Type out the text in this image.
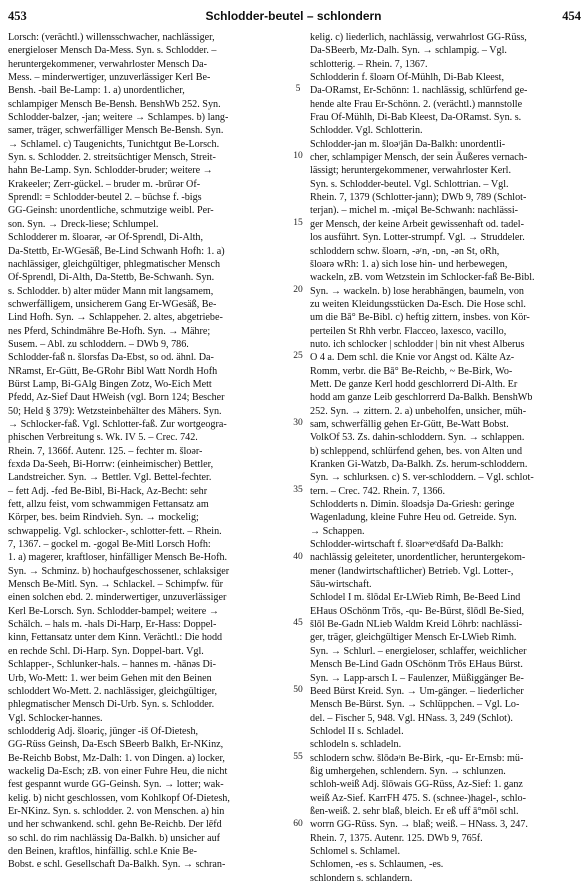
453	Schlodder-beutel – schlondern	454
Lorsch: (verächtl.) willensschwacher, nachlässiger,
energieloser Mensch Da-Mess. Syn. s. Schlodder. –
heruntergekommener, verwahrloster Mensch Da-
Mess. – minderwertiger, unzuverlässiger Kerl Be-
Bensh. -bail Be-Lamp: 1. a) unordentlicher,
schlampiger Mensch Be-Bensh. BenshWb 252. Syn.
Schlodder-balzer, -jan; weitere → Schlampes. b) lang-
samer, träger, schwerfälliger Mensch Be-Bensh. Syn.
→ Schlamel. c) Taugenichts, Tunichtgut Be-Lorsch.
Syn. s. Schlodder. 2. streitsüchtiger Mensch, Streit-
hahn Be-Lamp. Syn. Schlodder-bruder; weitere →
Krakeeler; Zerr-gückel. – bruder m. -brūrər Of-
Sprendl: = Schlodder-beutel 2. – büchse f. -bigs
GG-Geinsh: unordentliche, schmutzige weibl. Per-
son. Syn. → Dreck-liese; Schlumpel.
Schlodderer m. šloərər, -ər Of-Sprendl, Di-Alth,
Da-Stettb, Er-WGesäß, Be-Lind Schwanh Hofh: 1. a)
nachlässiger, gleichgültiger, phlegmatischer Mensch
Of-Sprendl, Di-Alth, Da-Stettb, Be-Schwanh. Syn.
s. Schlodder. b) alter müder Mann mit langsamem,
schwerfälligem, unsicherem Gang Er-WGesäß, Be-
Lind Hofh. Syn. → Schlappeher. 2. altes, abgetriebe-
nes Pferd, Schindmähre Be-Hofh. Syn. → Mähre;
Susem. – Abl. zu schloddern. – DWb 9, 786.
Schlodder-faß n. šlorsfas Da-Ebst, so od. ähnl. Da-
NRamst, Er-Gütt, Be-GRohr Bibl Watt Nordh Hofh
Bürst Lamp, Bi-GAlg Bingen Zotz, Wo-Eich Mett
Pfedd, Az-Sief Daut HWeish (vgl. Born 124; Bescher
50; Held § 379): Wetzsteinbehälter des Mähers. Syn.
→ Schlocker-faß. Vgl. Schlotter-faß. Zur wortgeogra-
phischen Verbreitung s. Wk. IV 5. – Crec. 742.
Rhein. 7, 1366f. Autenr. 125. – fechter m. šloər-
fɛxdə Da-Seeh, Bi-Horrw: (einheimischer) Bettler,
Landstreicher. Syn. → Bettler. Vgl. Bettel-fechter.
– fett Adj. -fed Be-Bibl, Bi-Hack, Az-Becht: sehr
fett, allzu feist, vom schwammigen Fettansatz am
Körper, bes. beim Rindvieh. Syn. → mockelig;
schwappelig. Vgl. schlocker-, schlotter-fett. – Rhein.
7, 1367. – gockel m. -gogəl Be-Mitl Lorsch Hofh:
1. a) magerer, kraftloser, hinfälliger Mensch Be-Hofh.
Syn. → Schminz. b) hochaufgeschossener, schlaksiger
Mensch Be-Mitl. Syn. → Schlackel. – Schimpfw. für
einen solchen ebd. 2. minderwertiger, unzuverlässiger
Kerl Be-Lorsch. Syn. Schlodder-bampel; weitere →
Schälch. – hals m. -hals Di-Harp, Er-Hass: Doppel-
kinn, Fettansatz unter dem Kinn. Verächtl.: Die hodd
en rechde Schl. Di-Harp. Syn. Doppel-bart. Vgl.
Schlapper-, Schlunker-hals. – hannes m. -hānəs Di-
Urb, Wo-Mett: 1. wer beim Gehen mit den Beinen
schloddert Wo-Mett. 2. nachlässiger, gleichgültiger,
phlegmatischer Mensch Di-Urb. Syn. s. Schlodder.
Vgl. Schlocker-hannes.
schlodderig Adj. šloəriç, jünger -iš Of-Dietesh,
GG-Rüss Geinsh, Da-Esch SBeerb Balkh, Er-NKinz,
Be-Reichb Bobst, Mz-Dalh: 1. von Dingen. a) locker,
wackelig Da-Esch; zB. von einer Fuhre Heu, die nicht
fest gespannt wurde GG-Geinsh. Syn. → lotter; wak-
kelig. b) nicht geschlossen, vom Kohlkopf Of-Dietesh,
Er-NKinz. Syn. s. schlodder. 2. von Menschen. a) hin
und her schwankend. schl. gehn Be-Reichb. Der lēfd
so schl. do rim nachlässig Da-Balkh. b) unsicher auf
den Beinen, kraftlos, hinfällig. schl.e Knie Be-
Bobst. e schl. Gesellschaft Da-Balkh. Syn. → schran-
5
10
15
20
25
30
35
40
45
50
55
60
kelig. c) liederlich, nachlässig, verwahrlost GG-Rüss,
Da-SBeerb, Mz-Dalh. Syn. → schlampig. – Vgl.
schlotterig. – Rhein. 7, 1367.
Schlodderin f. šloərn Of-Mühlh, Di-Bab Kleest,
Da-ORamst, Er-Schönn: 1. nachlässig, schlürfend ge-
hende alte Frau Er-Schönn. 2. (verächtl.) mannstolle
Frau Of-Mühlh, Di-Bab Kleest, Da-ORamst. Syn. s.
Schlodder. Vgl. Schlotterin.
Schlodder-jan m. šloəʳjān Da-Balkh: unordentli-
cher, schlampiger Mensch, der sein Äußeres vernach-
lässigt; heruntergekommener, verwahrloster Kerl.
Syn. s. Schlodder-beutel. Vgl. Schlottrian. – Vgl.
Rhein. 7, 1379 (Schlotter-jann); DWb 9, 789 (Schlot-
terjan). – michel m. -miҫəl Be-Schwanh: nachlässi-
ger Mensch, der keine Arbeit gewissenhaft od. tadel-
los ausführt. Syn. Lotter-strumpf. Vgl. → Struddeler.
schloddern schw. šloərn, -əʳn, -ɒn, -ən St, oRh,
šloərə wRh: 1. a) sich lose hin- und herbewegen,
wackeln, zB. vom Wetzstein im Schlocker-faß Be-Bibl.
Syn. → wackeln. b) lose herabhängen, baumeln, von
zu weiten Kleidungsstücken Da-Esch. Die Hose schl.
um die Bā° Be-Bibl. c) heftig zittern, insbes. von Kör-
perteilen St Rhh verbr. Flacceo, laxesco, vacillo,
nuto. ich schlocker | schlodder | bin nit vhest Alberus
O 4 a. Dem schl. die Knie vor Angst od. Kälte Az-
Romm, verbr. die Bā° Be-Reichb, ~ Be-Birk, Wo-
Mett. De ganze Kerl hodd geschlorrerd Di-Alth. Er
hodd am ganze Leib geschlorrerd Da-Balkh. BenshWb
252. Syn. → zittern. 2. a) unbeholfen, unsicher, müh-
sam, schwerfällig gehen Er-Gütt, Be-Watt Bobst.
VolkOf 53. Zs. dahin-schloddern. Syn. → schlappen.
b) schleppend, schlürfend gehen, bes. von Alten und
Kranken Gi-Watzb, Da-Balkh. Zs. herum-schloddern.
Syn. → schlurksen. c) S. ver-schloddern. – Vgl. schlot-
tern. – Crec. 742. Rhein. 7, 1366.
Schlodderts n. Dimin. šloədsjə Da-Griesh: geringe
Wagenladung, kleine Fuhre Heu od. Getreide. Syn.
→ Schappen.
Schlodder-wirtschaft f. šloərʷeᵉdšafd Da-Balkh:
nachlässig geleiteter, unordentlicher, heruntergekom-
mener (landwirtschaftlicher) Betrieb. Vgl. Lotter-,
Sāu-wirtschaft.
Schlodel I m. šlōdəl Er-LWieb Rimh, Be-Beed Lind
EHaus OSchönm Trōs, -qu- Be-Bürst, šlōdl Be-Sied,
šlōl Be-Gadn NLieb Waldm Kreid Löhrb: nachlässi-
ger, träger, gleichgültiger Mensch Er-LWieb Rimh.
Syn. → Schlurl. – energieloser, schlaffer, weichlicher
Mensch Be-Lind Gadn OSchönm Trōs EHaus Bürst.
Syn. → Lapp-arsch I. – Faulenzer, Müßiggänger Be-
Beed Bürst Kreid. Syn. → Um-gänger. – liederlicher
Mensch Be-Bürst. Syn. → Schlüppchen. – Vgl. Lo-
del. – Fischer 5, 948. Vgl. HNass. 3, 249 (Schlot).
Schlodel II s. Schladel.
schlodeln s. schladeln.
schlodern schw. šlōdəʳn Be-Birk, -qu- Er-Ernsb: mü-
ßig umhergehen, schlendern. Syn. → schlunzen.
schloh-weiß Adj. šlōwais GG-Rüss, Az-Sief: 1. ganz
weiß Az-Sief. KarrFH 475. S. (schnee-)hagel-, schlo-
ßen-weiß. 2. sehr blaß, bleich. Er eß uff ā°mōl schl.
worrn GG-Rüss. Syn. → blaß; weiß. – HNass. 3, 247.
Rhein. 7, 1375. Autenr. 125. DWb 9, 765f.
Schlomel s. Schlamel.
Schlomen, -es s. Schlaumen, -es.
schlondern s. schlandern.
